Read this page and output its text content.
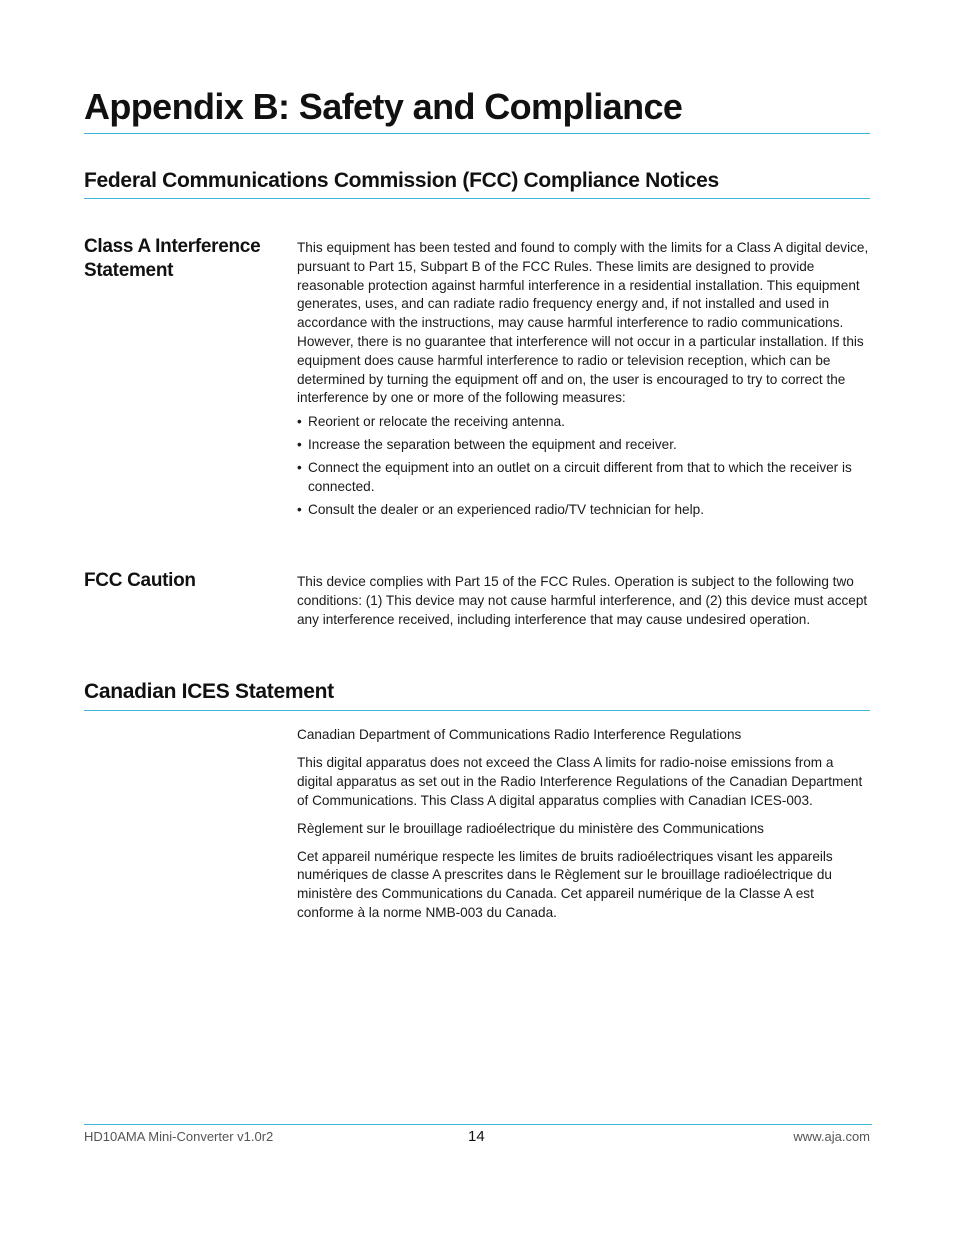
Appendix B: Safety and Compliance
Federal Communications Commission (FCC) Compliance Notices
Class A Interference Statement

This equipment has been tested and found to comply with the limits for a Class A digital device, pursuant to Part 15, Subpart B of the FCC Rules. These limits are designed to provide reasonable protection against harmful interference in a residential installation. This equipment generates, uses, and can radiate radio frequency energy and, if not installed and used in accordance with the instructions, may cause harmful interference to radio communications. However, there is no guarantee that interference will not occur in a particular installation. If this equipment does cause harmful interference to radio or television reception, which can be determined by turning the equipment off and on, the user is encouraged to try to correct the interference by one or more of the following measures:

• Reorient or relocate the receiving antenna.
• Increase the separation between the equipment and receiver.
• Connect the equipment into an outlet on a circuit different from that to which the receiver is connected.
• Consult the dealer or an experienced radio/TV technician for help.
FCC Caution	This device complies with Part 15 of the FCC Rules. Operation is subject to the following two conditions: (1) This device may not cause harmful interference, and (2) this device must accept any interference received, including interference that may cause undesired operation.

Canadian ICES Statement

Canadian Department of Communications Radio Interference Regulations

This digital apparatus does not exceed the Class A limits for radio-noise emissions from a digital apparatus as set out in the Radio Interference Regulations of the Canadian Department of Communications. This Class A digital apparatus complies with Canadian ICES-003.

Règlement sur le brouillage radioélectrique du ministère des Communications

Cet appareil numérique respecte les limites de bruits radioélectriques visant les appareils numériques de classe A prescrites dans le Règlement sur le brouillage radioélectrique du ministère des Communications du Canada. Cet appareil numérique de la Classe A est conforme à la norme NMB-003 du Canada.

HD10AMA Mini-Converter v1.0r2	14	www.aja.com
